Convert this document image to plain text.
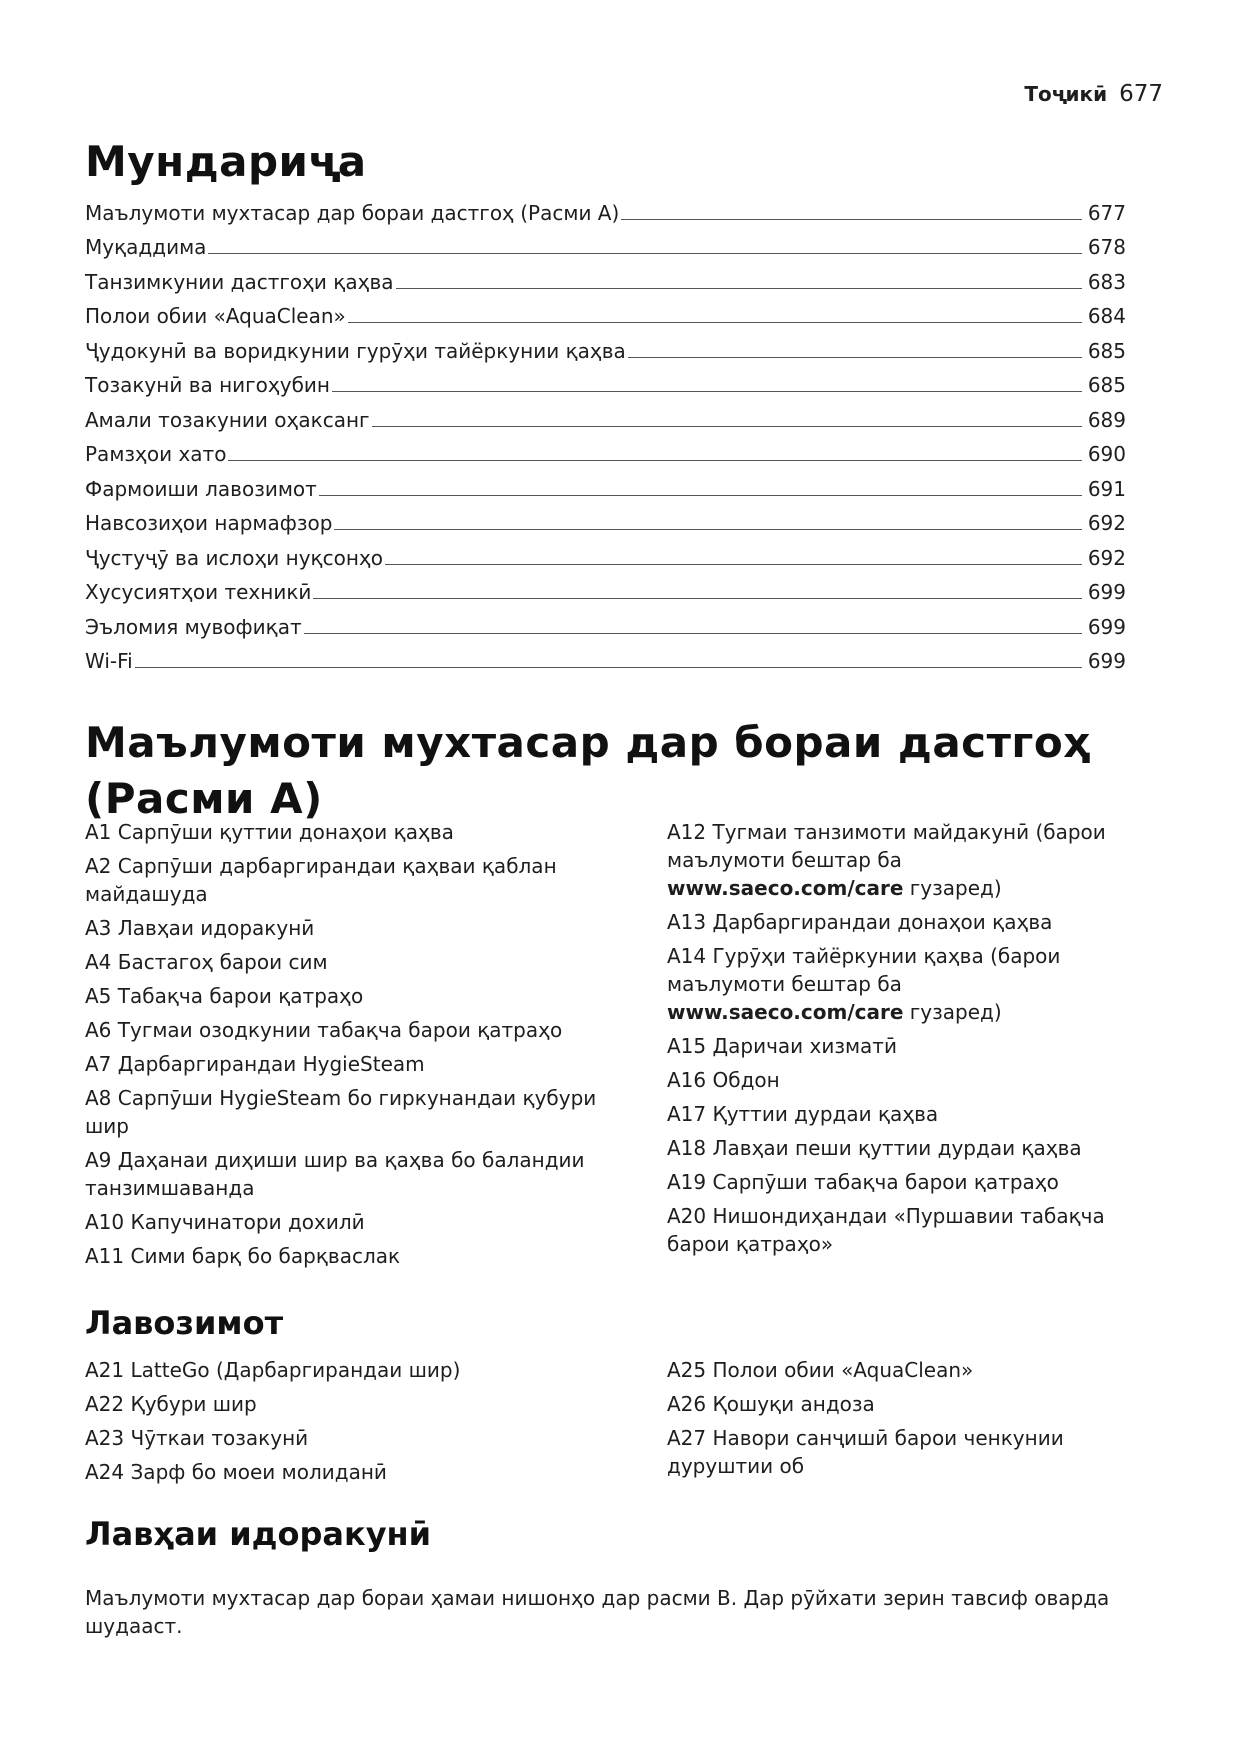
Тоҷикӣ 677
Мундариҷа
Маълумоти мухтасар дар бораи дастгоҳ (Расми A)	677
Муқаддима	678
Танзимкунии дастгоҳи қаҳва	683
Полои обии «AquaClean»	684
Ҷудокунӣ ва воридкунии гурӯҳи тайёркунии қаҳва	685
Тозакунӣ ва нигоҳубин	685
Амали тозакунии оҳаксанг	689
Рамзҳои хато	690
Фармоиши лавозимот	691
Навсозиҳои нармафзор	692
Ҷустуҷӯ ва ислоҳи нуқсонҳо	692
Хусусиятҳои техникӣ	699
Эъломия мувофиқат	699
Wi-Fi	699
Маълумоти мухтасар дар бораи дастгоҳ (Расми A)
A1 Сарпӯши қуттии донаҳои қаҳва
A2 Сарпӯши дарбаргирандаи қаҳваи қаблан майдашуда
A3 Лавҳаи идоракунӣ
A4 Бастагоҳ барои сим
A5 Табақча барои қатраҳо
A6 Тугмаи озодкунии табақча барои қатраҳо
A7 Дарбаргирандаи HygieSteam
A8 Сарпӯши HygieSteam бо гиркунандаи қубури шир
A9 Даҳанаи диҳиши шир ва қаҳва бо баландии танзимшаванда
A10 Капучинатори дохилӣ
A11 Сими барқ бо барқваслак
A12 Тугмаи танзимоти майдакунӣ (барои маълумоти бештар ба www.saeco.com/care гузаред)
A13 Дарбаргирандаи донаҳои қаҳва
A14 Гурӯҳи тайёркунии қаҳва (барои маълумоти бештар ба www.saeco.com/care гузаред)
A15 Даричаи хизматӣ
A16 Обдон
A17 Қуттии дурдаи қаҳва
A18 Лавҳаи пеши қуттии дурдаи қаҳва
A19 Сарпӯши табақча барои қатраҳо
A20 Нишондиҳандаи «Пуршавии табақча барои қатраҳо»
Лавозимот
A21 LatteGo (Дарбаргирандаи шир)
A22 Қубури шир
A23 Чӯткаи тозакунӣ
A24 Зарф бо моеи молиданӣ
A25 Полои обии «AquaClean»
A26 Қошуқи андоза
A27 Навори санҷишӣ барои ченкунии дуруштии об
Лавҳаи идоракунӣ

Маълумоти мухтасар дар бораи ҳамаи нишонҳо дар расми B. Дар рӯйхати зерин тавсиф оварда шудааст.
